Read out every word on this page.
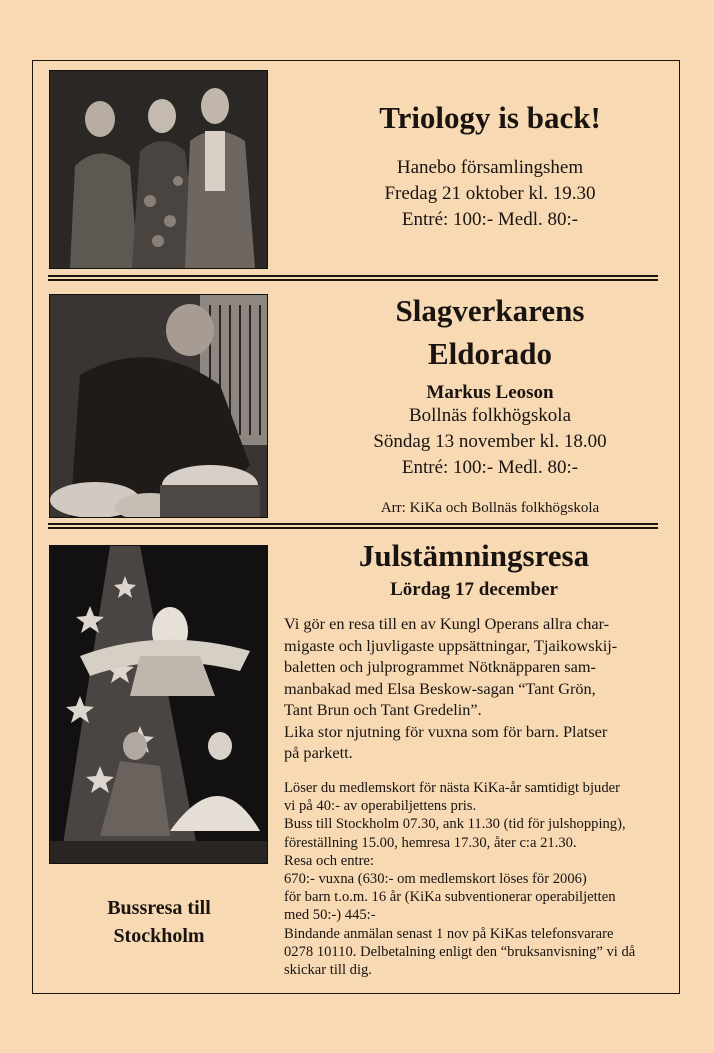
Triology is back!
Hanebo församlingshem
Fredag 21 oktober kl. 19.30
Entré: 100:- Medl. 80:-
Slagverkarens
Eldorado
Markus Leoson
Bollnäs folkhögskola
Söndag 13 november kl. 18.00
Entré: 100:- Medl. 80:-
Arr: KiKa och Bollnäs folkhögskola
Julstämningsresa
Lördag 17 december
Vi gör en resa till en av Kungl Operans allra char-
migaste och ljuvligaste uppsättningar, Tjaikowskij-
baletten och julprogrammet Nötknäpparen sam-
manbakad med Elsa Beskow-sagan “Tant Grön,
Tant Brun och Tant Gredelin”.
Lika stor njutning för vuxna som för barn. Platser
på parkett.
Löser du medlemskort för nästa KiKa-år samtidigt bjuder
vi på 40:- av operabiljettens pris.
Buss till Stockholm 07.30, ank 11.30 (tid för julshopping),
föreställning 15.00, hemresa 17.30, åter c:a 21.30.
Resa och entre:
670:- vuxna (630:- om medlemskort löses för 2006)
för barn t.o.m. 16 år (KiKa subventionerar operabiljetten
med 50:-) 445:-
Bindande anmälan senast 1 nov på KiKas telefonsvarare
0278 10110. Delbetalning enligt den “bruksanvisning” vi då
skickar till dig.
Bussresa till
Stockholm
